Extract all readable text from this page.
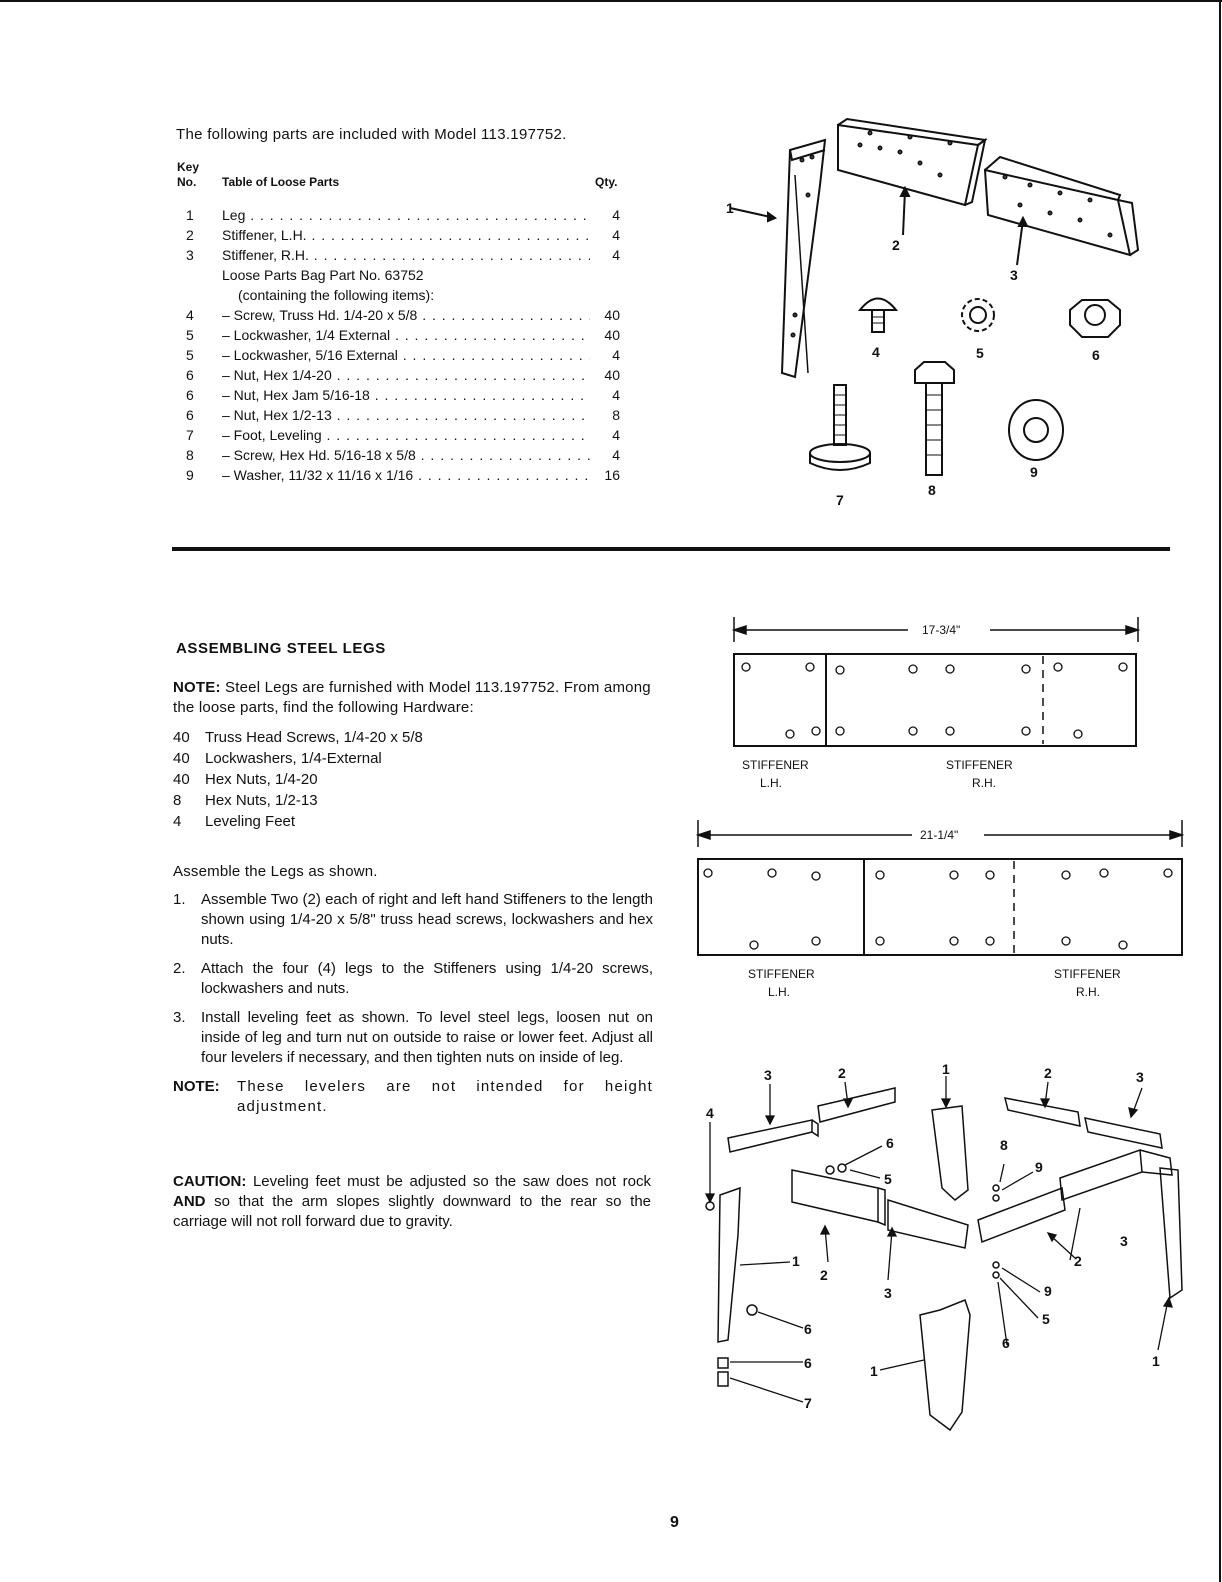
The following parts are included with Model 113.197752.
Key
No. Table of Loose Parts	Qty.
1	Leg . . .	4
2	Stiffener, L.H. . . .	4
3	Stiffener, R.H. . . .	4
Loose Parts Bag Part No. 63752
(containing the following items):
4	– Screw, Truss Hd. 1/4-20 x 5/8 . . .	40
5	– Lockwasher, 1/4 External . . .	40
5	– Lockwasher, 5/16 External . . .	4
6	– Nut, Hex 1/4-20 . . .	40
6	– Nut, Hex Jam 5/16-18 . . .	4
6	– Nut, Hex 1/2-13 . . .	8
7	– Foot, Leveling . . .	4
8	– Screw, Hex Hd. 5/16-18 x 5/8 . . .	4
9	– Washer, 11/32 x 11/16 x 1/16 . . .	16
1
2
3
4	5	6
7
8
9
ASSEMBLING STEEL LEGS
NOTE: Steel Legs are furnished with Model 113.197752. From among the loose parts, find the following Hardware:
40 Truss Head Screws, 1/4-20 x 5/8
40 Lockwashers, 1/4-External
40 Hex Nuts, 1/4-20
8 Hex Nuts, 1/2-13
4 Leveling Feet
Assemble the Legs as shown.
1.	Assemble Two (2) each of right and left hand Stiffeners to the length shown using 1/4-20 x 5/8" truss head screws, lockwashers and hex nuts.
2.	Attach the four (4) legs to the Stiffeners using 1/4-20 screws, lockwashers and nuts.
3.	Install leveling feet as shown. To level steel legs, loosen nut on inside of leg and turn nut on outside to raise or lower feet. Adjust all four levelers if necessary, and then tighten nuts on inside of leg.
NOTE:	These levelers are not intended for height adjustment.
CAUTION: Leveling feet must be adjusted so the saw does not rock AND so that the arm slopes slightly downward to the rear so the carriage will not roll forward due to gravity.
17-3/4"
STIFFENER
L.H.
STIFFENER
R.H.
21-1/4"
STIFFENER
L.H.
STIFFENER
R.H.
3	2	1	2	3
4
6
5
8
9
1
2
3
3
2
9
5
6
6
6
7
1
1
9
